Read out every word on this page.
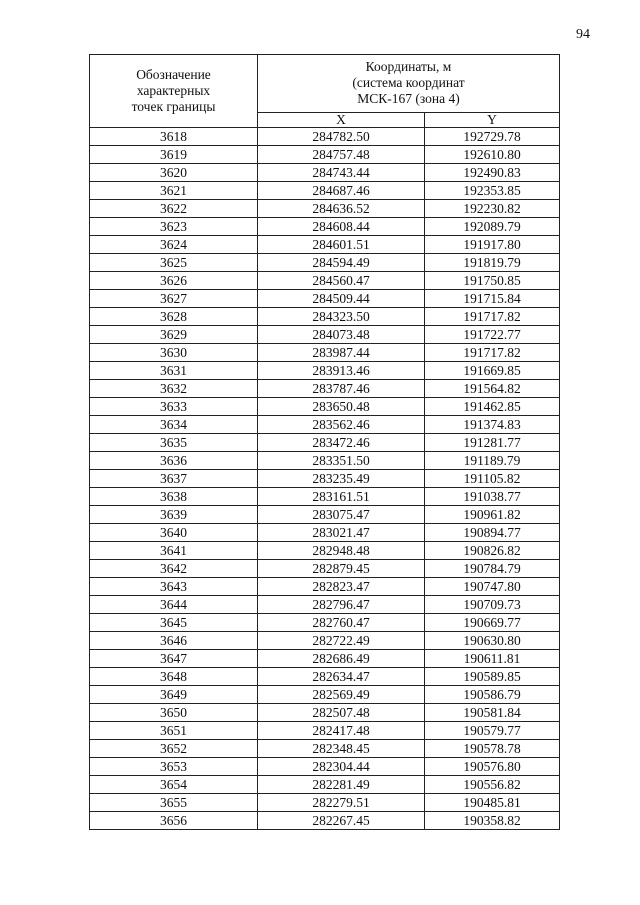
94
Обозначение
характерных
точек границы	Координаты, м
(система координат
МСК-167 (зона 4)	

	X	Y
3618	284782.50	192729.78
3619	284757.48	192610.80
3620	284743.44	192490.83
3621	284687.46	192353.85
3622	284636.52	192230.82
3623	284608.44	192089.79
3624	284601.51	191917.80
3625	284594.49	191819.79
3626	284560.47	191750.85
3627	284509.44	191715.84
3628	284323.50	191717.82
3629	284073.48	191722.77
3630	283987.44	191717.82
3631	283913.46	191669.85
3632	283787.46	191564.82
3633	283650.48	191462.85
3634	283562.46	191374.83
3635	283472.46	191281.77
3636	283351.50	191189.79
3637	283235.49	191105.82
3638	283161.51	191038.77
3639	283075.47	190961.82
3640	283021.47	190894.77
3641	282948.48	190826.82
3642	282879.45	190784.79
3643	282823.47	190747.80
3644	282796.47	190709.73
3645	282760.47	190669.77
3646	282722.49	190630.80
3647	282686.49	190611.81
3648	282634.47	190589.85
3649	282569.49	190586.79
3650	282507.48	190581.84
3651	282417.48	190579.77
3652	282348.45	190578.78
3653	282304.44	190576.80
3654	282281.49	190556.82
3655	282279.51	190485.81
3656	282267.45	190358.82
